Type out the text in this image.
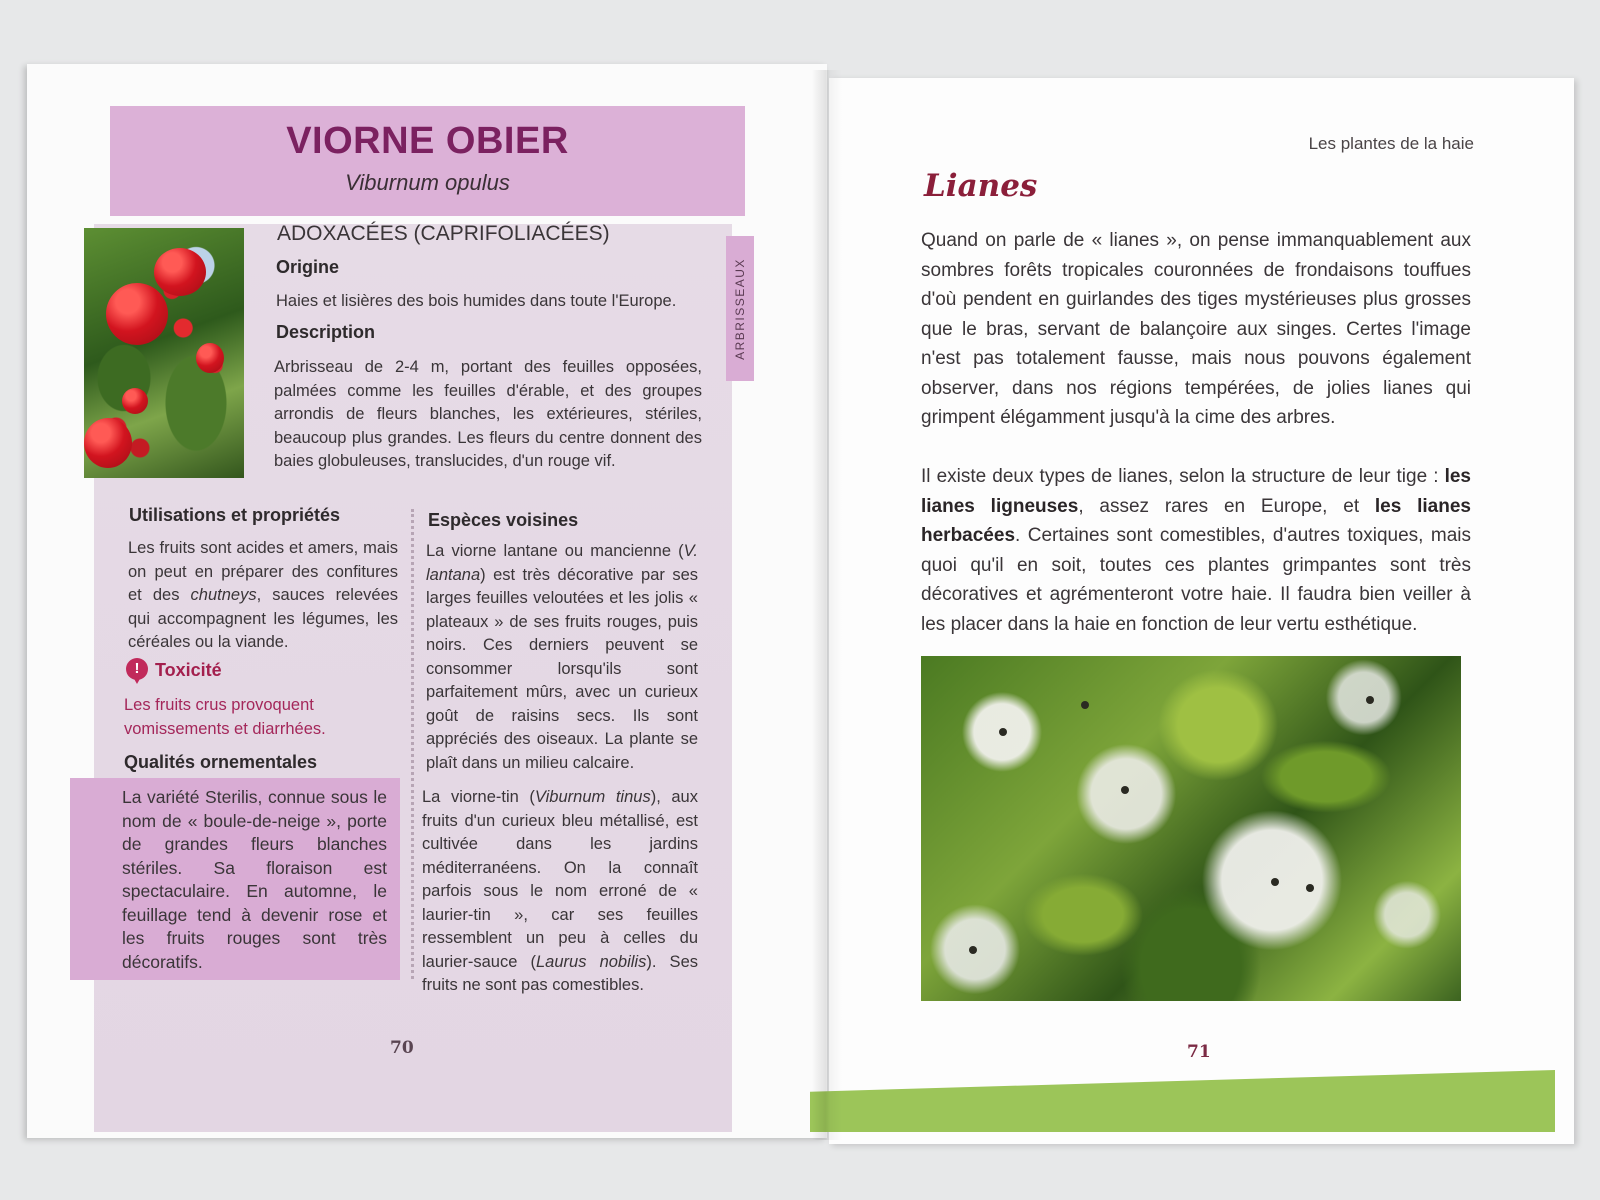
VIORNE OBIER
Viburnum opulus
ADOXACÉES (CAPRIFOLIACÉES)
ARBRISSEAUX
Origine
Haies et lisières des bois humides dans toute l'Europe.
Description
Arbrisseau de 2-4 m, portant des feuilles opposées, palmées comme les feuilles d'érable, et des groupes arrondis de fleurs blanches, les extérieures, stériles, beaucoup plus grandes. Les fleurs du centre donnent des baies globuleuses, translucides, d'un rouge vif.
Utilisations et propriétés
Les fruits sont acides et amers, mais on peut en préparer des confitures et des chutneys, sauces relevées qui accompagnent les légumes, les céréales ou la viande.
! Toxicité
Les fruits crus provoquent vomissements et diarrhées.
Qualités ornementales
La variété Sterilis, connue sous le nom de « boule-de-neige », porte de grandes fleurs blanches stériles. Sa floraison est spectaculaire. En automne, le feuillage tend à devenir rose et les fruits rouges sont très décoratifs.
Espèces voisines
La viorne lantane ou mancienne (V. lantana) est très décorative par ses larges feuilles veloutées et les jolis « plateaux » de ses fruits rouges, puis noirs. Ces derniers peuvent se consommer lorsqu'ils sont parfaitement mûrs, avec un curieux goût de raisins secs. Ils sont appréciés des oiseaux. La plante se plaît dans un milieu calcaire.
La viorne-tin (Viburnum tinus), aux fruits d'un curieux bleu métallisé, est cultivée dans les jardins méditerranéens. On la connaît parfois sous le nom erroné de « laurier-tin », car ses feuilles ressemblent un peu à celles du laurier-sauce (Laurus nobilis). Ses fruits ne sont pas comestibles.
70
Les plantes de la haie
Lianes
Quand on parle de « lianes », on pense immanquablement aux sombres forêts tropicales couronnées de frondaisons touffues d'où pendent en guirlandes des tiges mystérieuses plus grosses que le bras, servant de balançoire aux singes. Certes l'image n'est pas totalement fausse, mais nous pouvons également observer, dans nos régions tempérées, de jolies lianes qui grimpent élégamment jusqu'à la cime des arbres.
Il existe deux types de lianes, selon la structure de leur tige : les lianes ligneuses, assez rares en Europe, et les lianes herbacées. Certaines sont comestibles, d'autres toxiques, mais quoi qu'il en soit, toutes ces plantes grimpantes sont très décoratives et agrémenteront votre haie. Il faudra bien veiller à les placer dans la haie en fonction de leur vertu esthétique.
71
